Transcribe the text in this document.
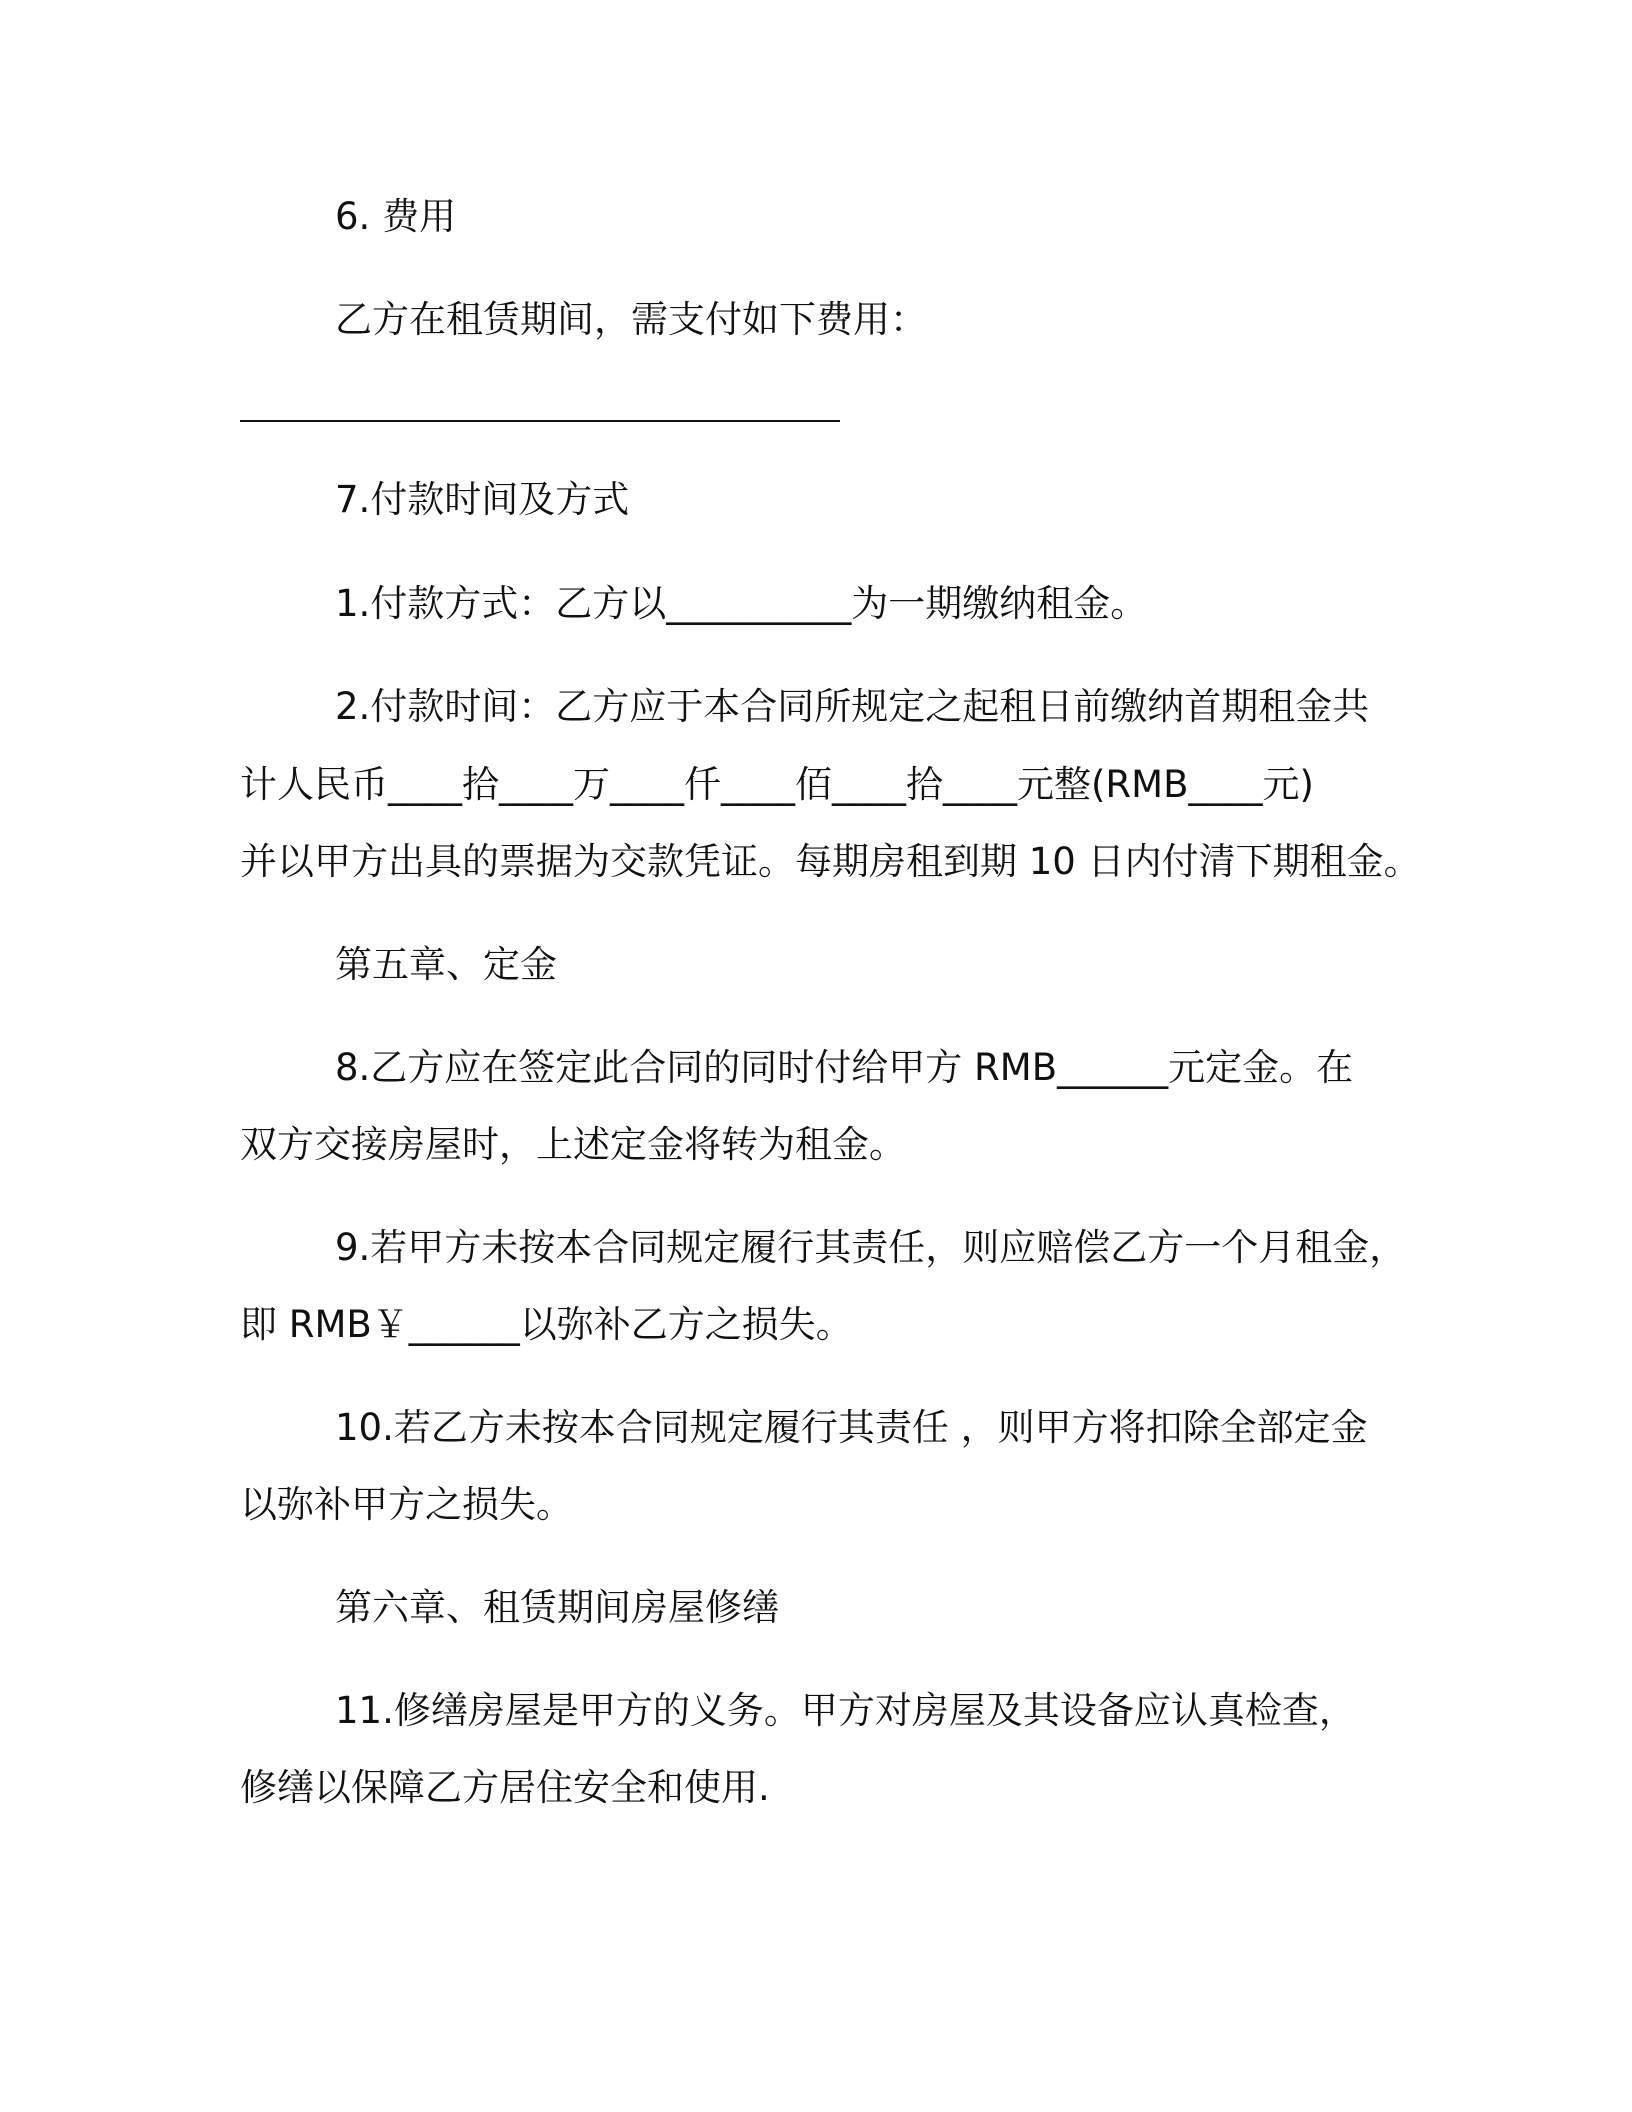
6. 费用
乙方在租赁期间，需支付如下费用：
7.付款时间及方式
1.付款方式：乙方以__________为一期缴纳租金。
2.付款时间：乙方应于本合同所规定之起租日前缴纳首期租金共
计人民币____拾____万____仟____佰____拾____元整(RMB____元)
并以甲方出具的票据为交款凭证。每期房租到期 10 日内付清下期租金。
第五章、定金
8.乙方应在签定此合同的同时付给甲方 RMB______元定金。在
双方交接房屋时，上述定金将转为租金。
9.若甲方未按本合同规定履行其责任，则应赔偿乙方一个月租金，
即 RMB￥______以弥补乙方之损失。
10.若乙方未按本合同规定履行其责任 ，则甲方将扣除全部定金
以弥补甲方之损失。
第六章、租赁期间房屋修缮
11.修缮房屋是甲方的义务。甲方对房屋及其设备应认真检查，
修缮以保障乙方居住安全和使用.
